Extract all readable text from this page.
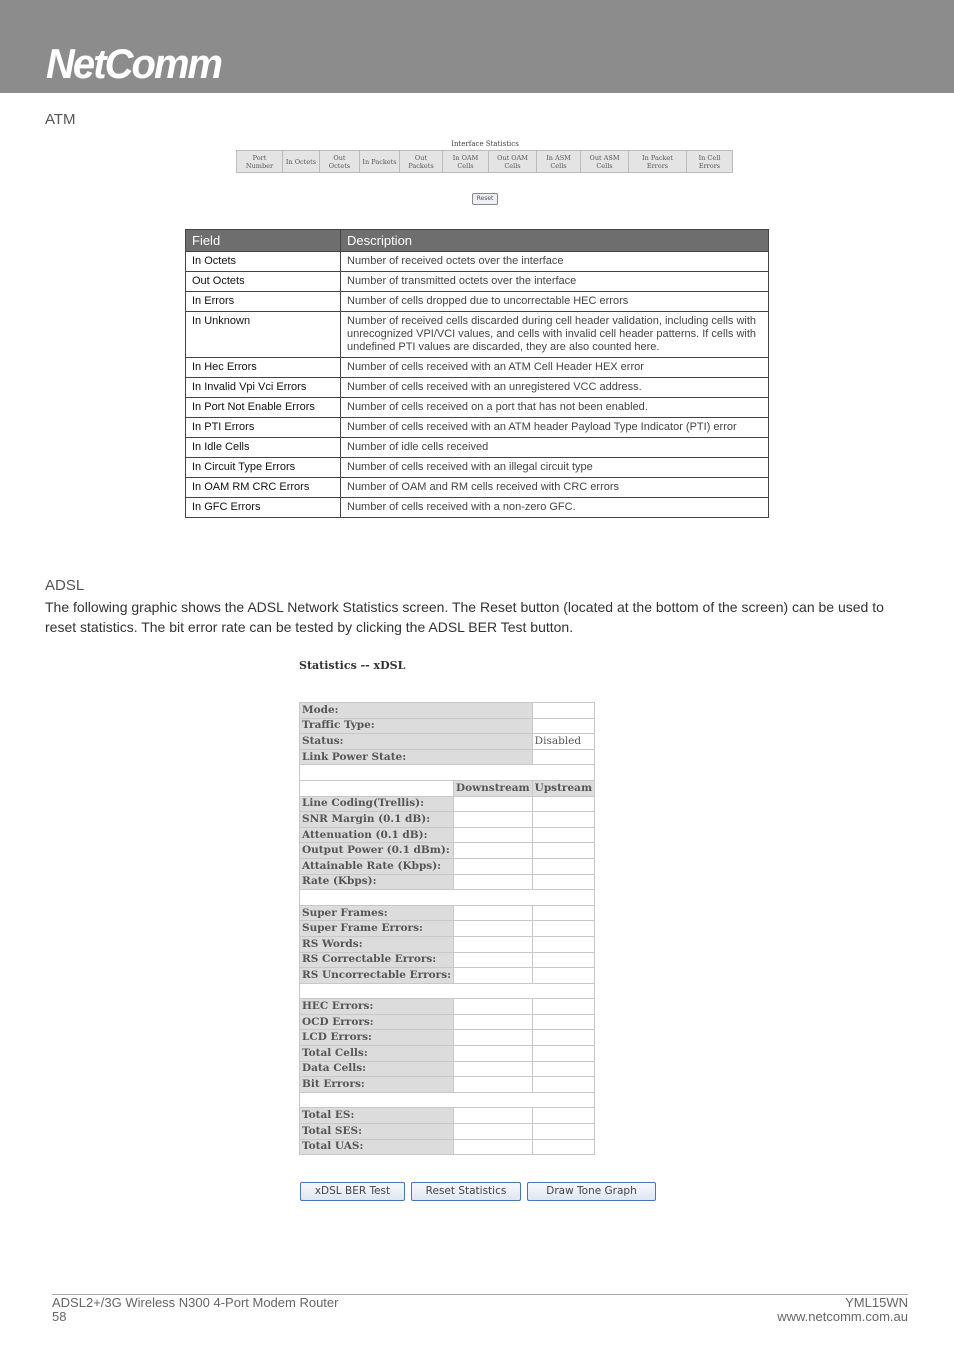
NetComm
ATM
Interface Statistics
Port Number	In Octets	Out Octets	In Packets	Out Packets	In OAM Cells	Out OAM Cells	In ASM Cells	Out ASM Cells	In Packet Errors	In Cell Errors
Reset
Field	Description
In Octets	Number of received octets over the interface
Out Octets	Number of transmitted octets over the interface
In Errors	Number of cells dropped due to uncorrectable HEC errors
In Unknown	Number of received cells discarded during cell header validation, including cells with unrecognized VPI/VCI values, and cells with invalid cell header patterns. If cells with undefined PTI values are discarded, they are also counted here.
In Hec Errors	Number of cells received with an ATM Cell Header HEX error
In Invalid Vpi Vci Errors	Number of cells received with an unregistered VCC address.
In Port Not Enable Errors	Number of cells received on a port that has not been enabled.
In PTI Errors	Number of cells received with an ATM header Payload Type Indicator (PTI) error
In Idle Cells	Number of idle cells received
In Circuit Type Errors	Number of cells received with an illegal circuit type
In OAM RM CRC Errors	Number of OAM and RM cells received with CRC errors
In GFC Errors	Number of cells received with a non-zero GFC.
ADSL
The following graphic shows the ADSL Network Statistics screen. The Reset button (located at the bottom of the screen) can be used to reset statistics. The bit error rate can be tested by clicking the ADSL BER Test button.
Statistics -- xDSL
Mode:		
Traffic Type:		
Status:		Disabled
Link Power State:		

	Downstream	Upstream
Line Coding(Trellis):		
SNR Margin (0.1 dB):		
Attenuation (0.1 dB):		
Output Power (0.1 dBm):		
Attainable Rate (Kbps):		
Rate (Kbps):		

Super Frames:		
Super Frame Errors:		
RS Words:		
RS Correctable Errors:		
RS Uncorrectable Errors:		

HEC Errors:		
OCD Errors:		
LCD Errors:		
Total Cells:		
Data Cells:		
Bit Errors:		

Total ES:		
Total SES:		
Total UAS:		
xDSL BER Test	Reset Statistics	Draw Tone Graph
ADSL2+/3G Wireless N300 4-Port Modem Router
58
YML15WN
www.netcomm.com.au
